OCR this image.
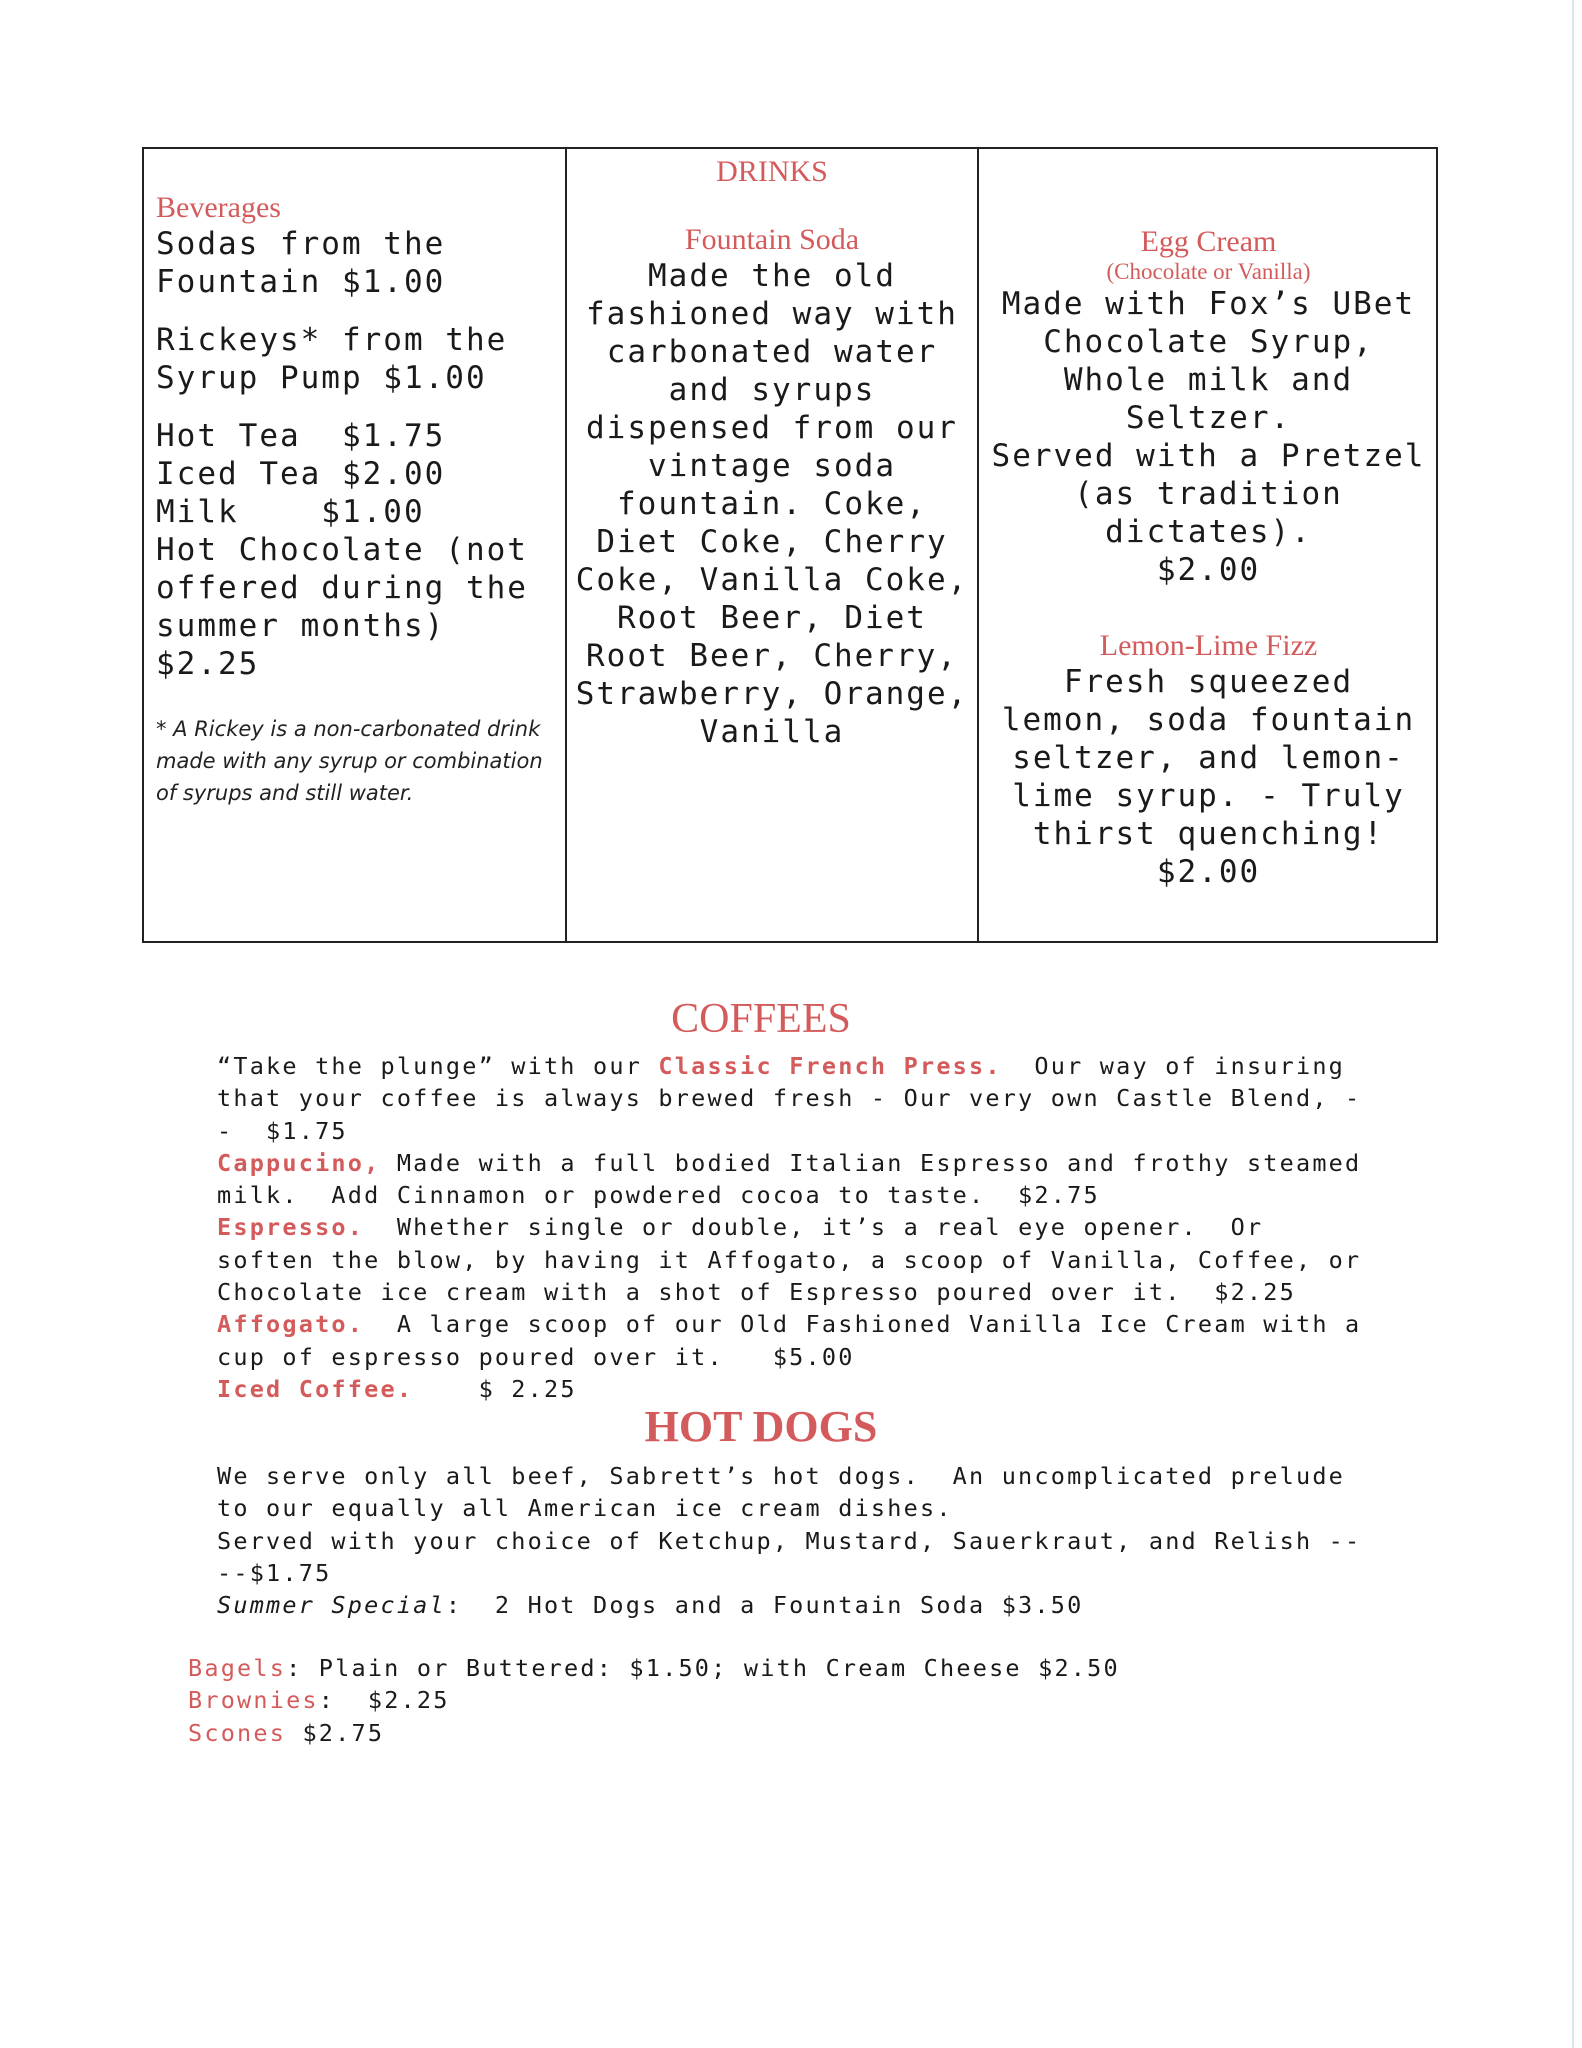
Beverages
Sodas from the Fountain $1.00
Rickeys* from the Syrup Pump $1.00
Hot Tea  $1.75
Iced Tea $2.00
Milk    $1.00
Hot Chocolate (not offered during the summer months) $2.25
* A Rickey is a non-carbonated drink made with any syrup or combination of syrups and still water.
DRINKS
Fountain Soda
Made the old fashioned way with carbonated water and syrups dispensed from our vintage soda fountain. Coke, Diet Coke, Cherry Coke, Vanilla Coke, Root Beer, Diet Root Beer, Cherry, Strawberry, Orange, Vanilla
Egg Cream
(Chocolate or Vanilla)
Made with Fox’s UBet Chocolate Syrup, Whole milk and Seltzer.
Served with a Pretzel (as tradition dictates).
$2.00
Lemon-Lime Fizz
Fresh squeezed lemon, soda fountain seltzer, and lemon-lime syrup. - Truly thirst quenching!
$2.00
COFFEES
“Take the plunge” with our Classic French Press.  Our way of insuring that your coffee is always brewed fresh - Our very own Castle Blend, --  $1.75
Cappucino, Made with a full bodied Italian Espresso and frothy steamed milk.  Add Cinnamon or powdered cocoa to taste.  $2.75
Espresso.  Whether single or double, it’s a real eye opener.  Or soften the blow, by having it Affogato, a scoop of Vanilla, Coffee, or Chocolate ice cream with a shot of Espresso poured over it.  $2.25
Affogato.  A large scoop of our Old Fashioned Vanilla Ice Cream with a cup of espresso poured over it.   $5.00
Iced Coffee.    $ 2.25
HOT DOGS
We serve only all beef, Sabrett’s hot dogs.  An uncomplicated prelude to our equally all American ice cream dishes.
Served with your choice of Ketchup, Mustard, Sauerkraut, and Relish ----$1.75
Summer Special:  2 Hot Dogs and a Fountain Soda $3.50
Bagels: Plain or Buttered: $1.50; with Cream Cheese $2.50
Brownies:  $2.25
Scones $2.75
